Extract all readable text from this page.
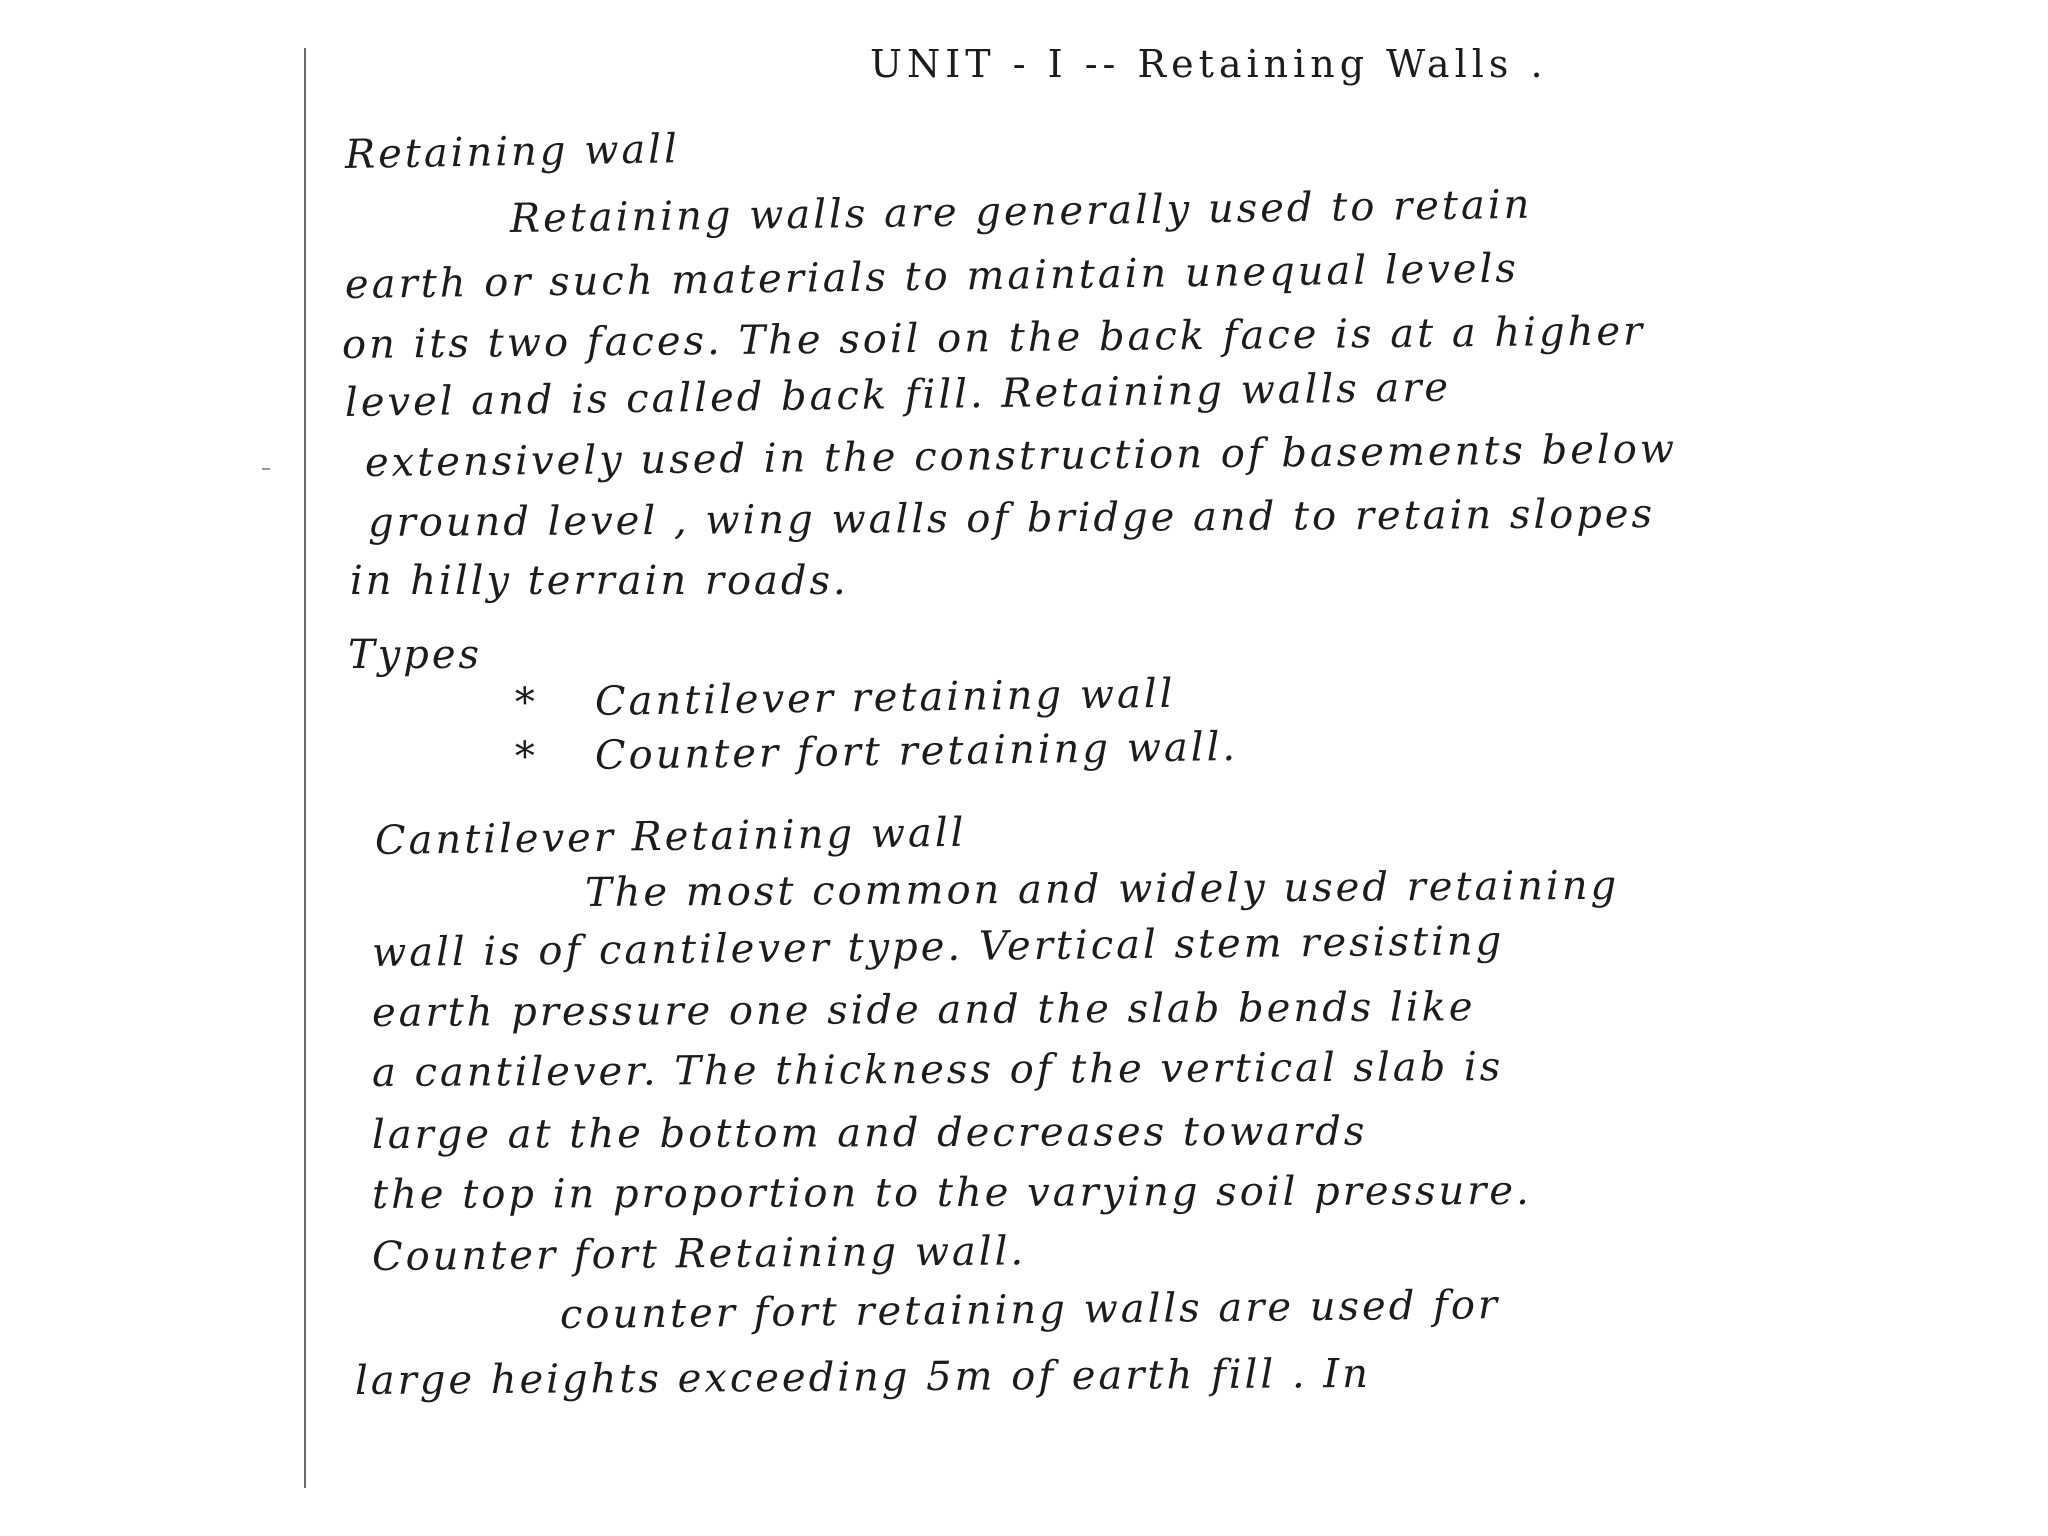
UNIT - I -- Retaining Walls .
Retaining wall
Retaining walls are generally used to retain
earth or such materials to maintain unequal levels
on its two faces. The soil on the back face is at a higher
level and is called back fill. Retaining walls are
extensively used in the construction of basements below
ground level , wing walls of bridge and to retain slopes
in hilly terrain roads.
Types
* Cantilever retaining wall
* Counter fort retaining wall.
Cantilever Retaining wall
The most common and widely used retaining
wall is of cantilever type. Vertical stem resisting
earth pressure one side and the slab bends like
a cantilever. The thickness of the vertical slab is
large at the bottom and decreases towards
the top in proportion to the varying soil pressure.
Counter fort Retaining wall.
counter fort retaining walls are used for
large heights exceeding 5m of earth fill . In
